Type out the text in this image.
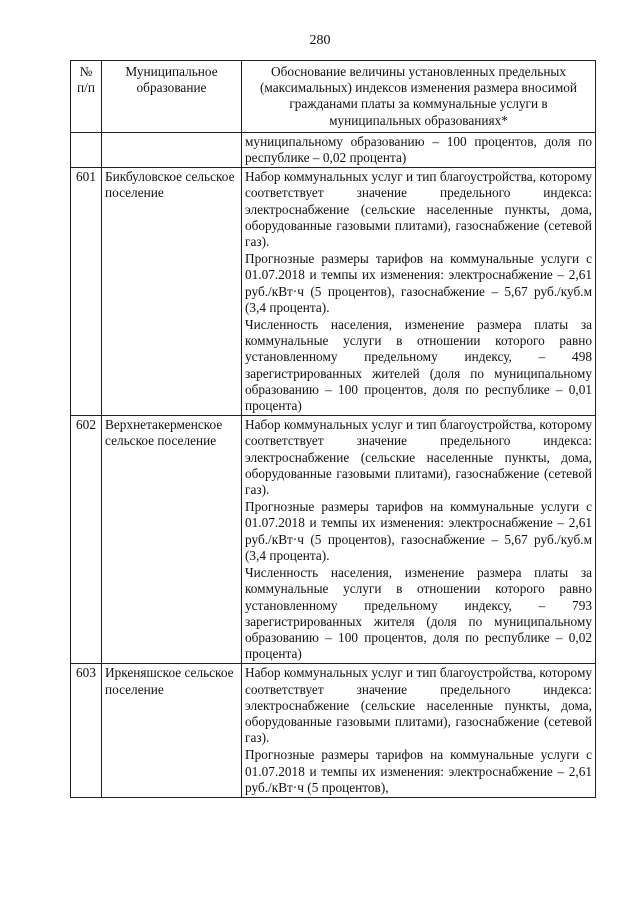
280
№ п/п	Муниципальное образование	Обоснование величины установленных предельных (максимальных) индексов изменения размера вносимой гражданами платы за коммунальные услуги в муниципальных образованиях*

		муниципальному образованию – 100 процентов, доля по республике – 0,02 процента)

601	Бикбуловское сельское поселение	Набор коммунальных услуг и тип благоустройства, которому соответствует значение предельного индекса: электроснабжение (сельские населенные пункты, дома, оборудованные газовыми плитами), газоснабжение (сетевой газ).

Прогнозные размеры тарифов на коммунальные услуги с 01.07.2018 и темпы их изменения: электроснабжение – 2,61 руб./кВт·ч (5 процентов), газоснабжение – 5,67 руб./куб.м (3,4 процента).

Численность населения, изменение размера платы за коммунальные услуги в отношении которого равно установленному предельному индексу, – 498 зарегистрированных жителей (доля по муниципальному образованию – 100 процентов, доля по республике – 0,01 процента)

602	Верхнетакерменское сельское поселение	Набор коммунальных услуг и тип благоустройства, которому соответствует значение предельного индекса: электроснабжение (сельские населенные пункты, дома, оборудованные газовыми плитами), газоснабжение (сетевой газ).

Прогнозные размеры тарифов на коммунальные услуги с 01.07.2018 и темпы их изменения: электроснабжение – 2,61 руб./кВт·ч (5 процентов), газоснабжение – 5,67 руб./куб.м (3,4 процента).

Численность населения, изменение размера платы за коммунальные услуги в отношении которого равно установленному предельному индексу, – 793 зарегистрированных жителя (доля по муниципальному образованию – 100 процентов, доля по республике – 0,02 процента)

603	Иркеняшское сельское поселение	Набор коммунальных услуг и тип благоустройства, которому соответствует значение предельного индекса: электроснабжение (сельские населенные пункты, дома, оборудованные газовыми плитами), газоснабжение (сетевой газ).

Прогнозные размеры тарифов на коммунальные услуги с 01.07.2018 и темпы их изменения: электроснабжение – 2,61 руб./кВт·ч (5 процентов),
